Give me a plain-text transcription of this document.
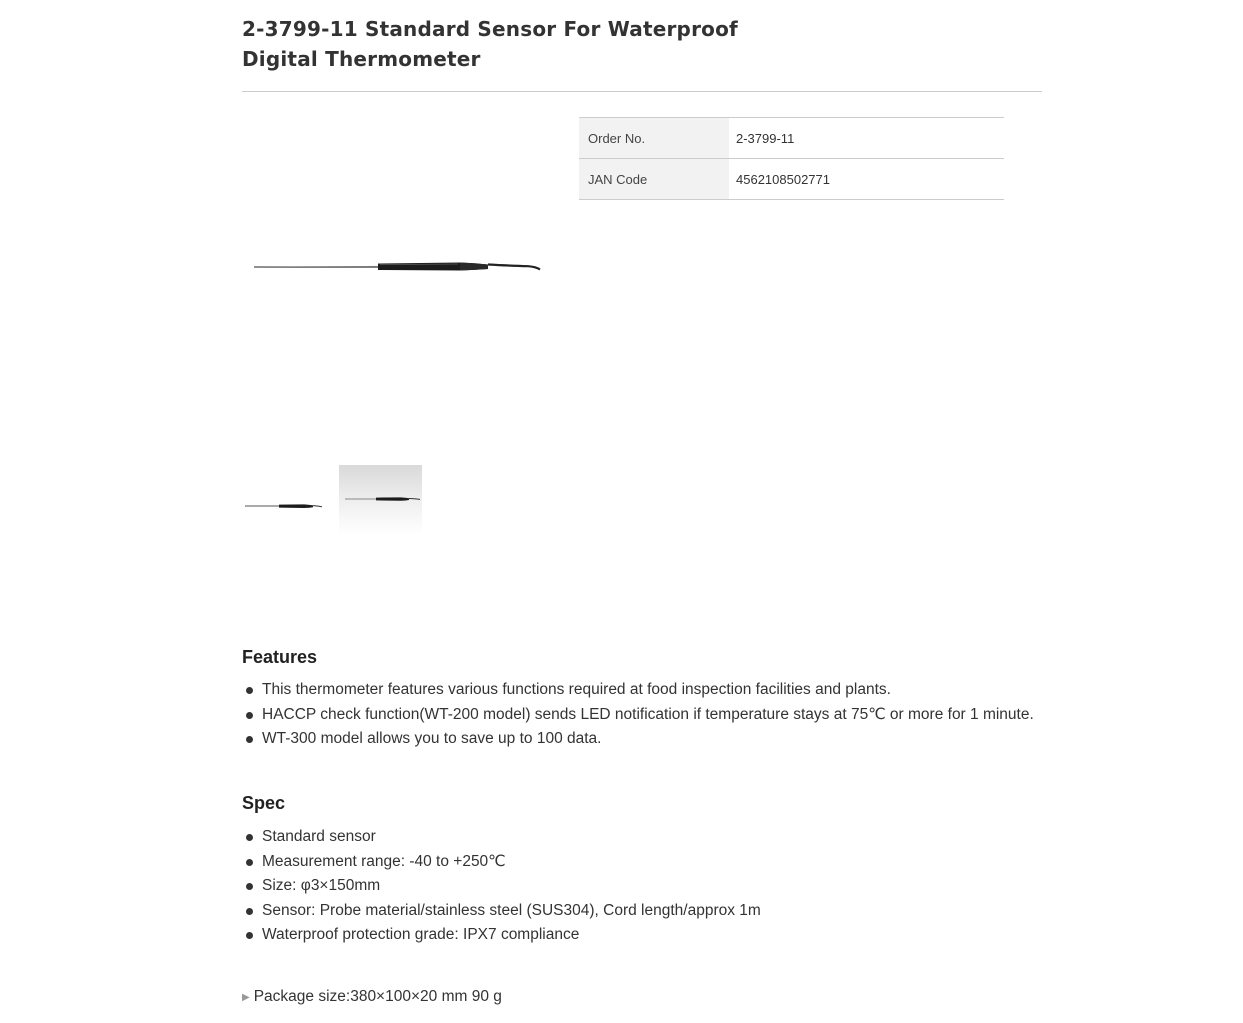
2-3799-11 Standard Sensor For Waterproof
Digital Thermometer
Order No.	2-3799-11
JAN Code	4562108502771
Features
This thermometer features various functions required at food inspection facilities and plants.
HACCP check function(WT-200 model) sends LED notification if temperature stays at 75℃ or more for 1 minute.
WT-300 model allows you to save up to 100 data.
Spec
Standard sensor
Measurement range: -40 to +250℃
Size: φ3×150mm
Sensor: Probe material/stainless steel (SUS304), Cord length/approx 1m
Waterproof protection grade: IPX7 compliance
▶ Package size:380×100×20 mm 90 g
